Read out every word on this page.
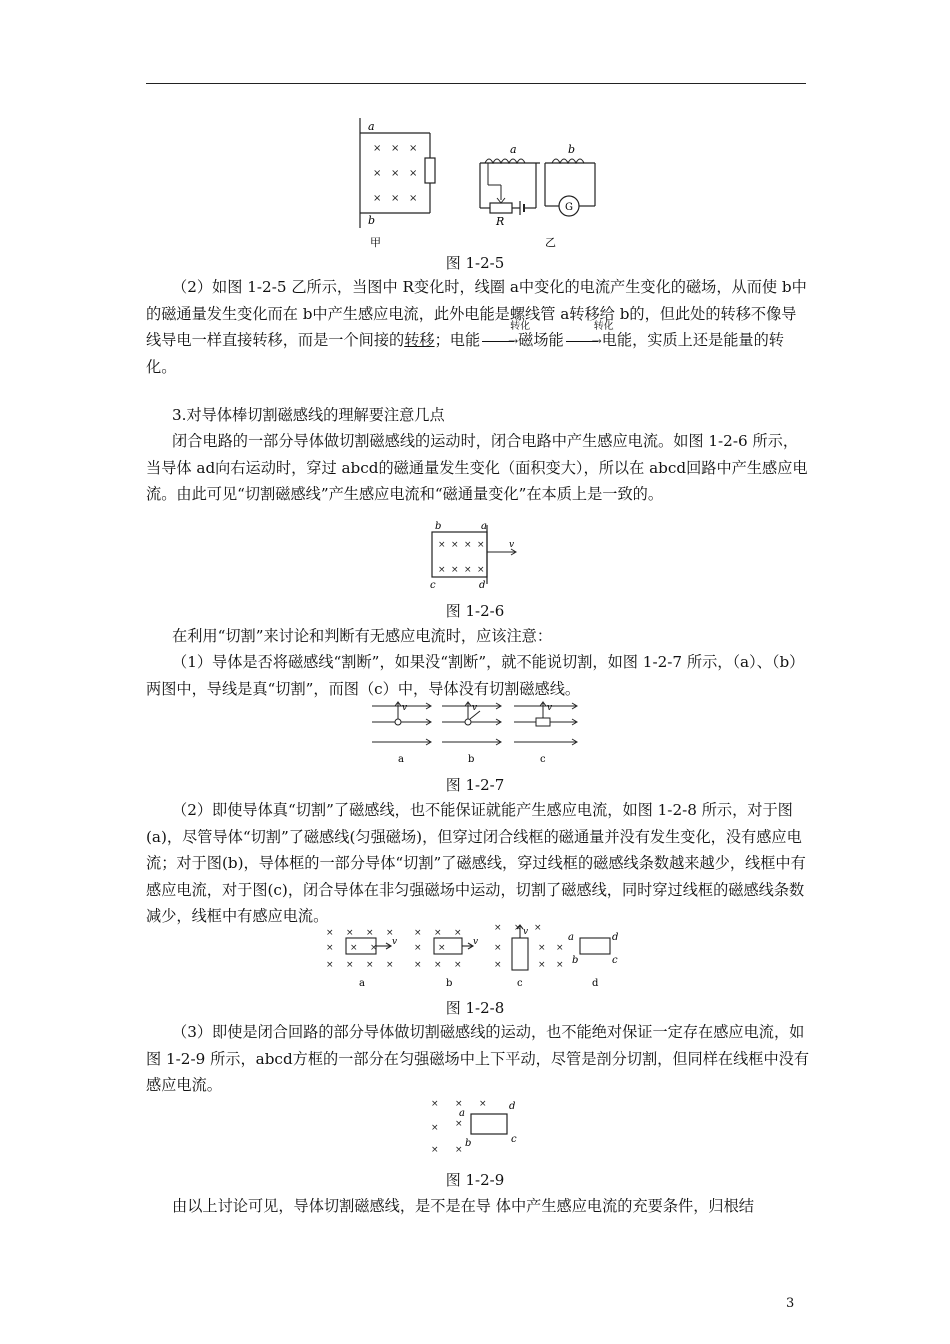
× × ×
× × ×
× × ×
a
b
甲
a	b
R
G
乙
图 1-2-5

（2）如图 1-2-5 乙所示，当图中 R变化时，线圈 a中变化的电流产生变化的磁场，从而使 b中的磁通量发生变化而在 b中产生感应电流，此外电能是螺线管 a转移给 b的，但此处的转移不像导线导电一样直接转移，而是一个间接的转移；电能
转化
→ 磁场能
转化
→ 电能，实质上还是能量的转化。

3.对导体棒切割磁感线的理解要注意几点

闭合电路的一部分导体做切割磁感线的运动时，闭合电路中产生感应电流。如图 1-2-6 所示，当导体 ad向右运动时，穿过 abcd的磁通量发生变化（面积变大），所以在 abcd回路中产生感应电流。由此可见“切割磁感线”产生感应电流和“磁通量变化”在本质上是一致的。

× × × ×
× × × ×
v
b	a
c	d
图 1-2-6

在利用“切割”来讨论和判断有无感应电流时，应该注意：

（1）导体是否将磁感线“割断”，如果没“割断”，就不能说切割，如图 1-2-7 所示，（a）、（b）两图中，导线是真“切割”，而图（c）中，导体没有切割磁感线。

v	v	v
a	b	c
图 1-2-7

（2）即使导体真“切割”了磁感线，也不能保证就能产生感应电流，如图 1-2-8 所示，对于图(a)，尽管导体“切割”了磁感线(匀强磁场)，但穿过闭合线框的磁通量并没有发生变化，没有感应电流；对于图(b)，导体框的一部分导体“切割”了磁感线，穿过线框的磁感线条数越来越少，线框中有感应电流，对于图(c)，闭合导体在非匀强磁场中运动，切割了磁感线，同时穿过线框的磁感线条数减少，线框中有感应电流。

× × × ×
× × ×
× × × ×
× × ×
× ×
× × ×
× × ×
×	×
×	×
×
×
v	v
v	a	d
b	c
a	b	c	d
图 1-2-8

（3）即使是闭合回路的部分导体做切割磁感线的运动，也不能绝对保证一定存在感应电流，如图 1-2-9 所示，abcd方框的一部分在匀强磁场中上下平动，尽管是剖分切割，但同样在线框中没有感应电流。

× × ×
× ×
× ×
a
d
b	c
图 1-2-9

由以上讨论可见，导体切割磁感线，是不是在导 体中产生感应电流的充要条件，归根结

3
